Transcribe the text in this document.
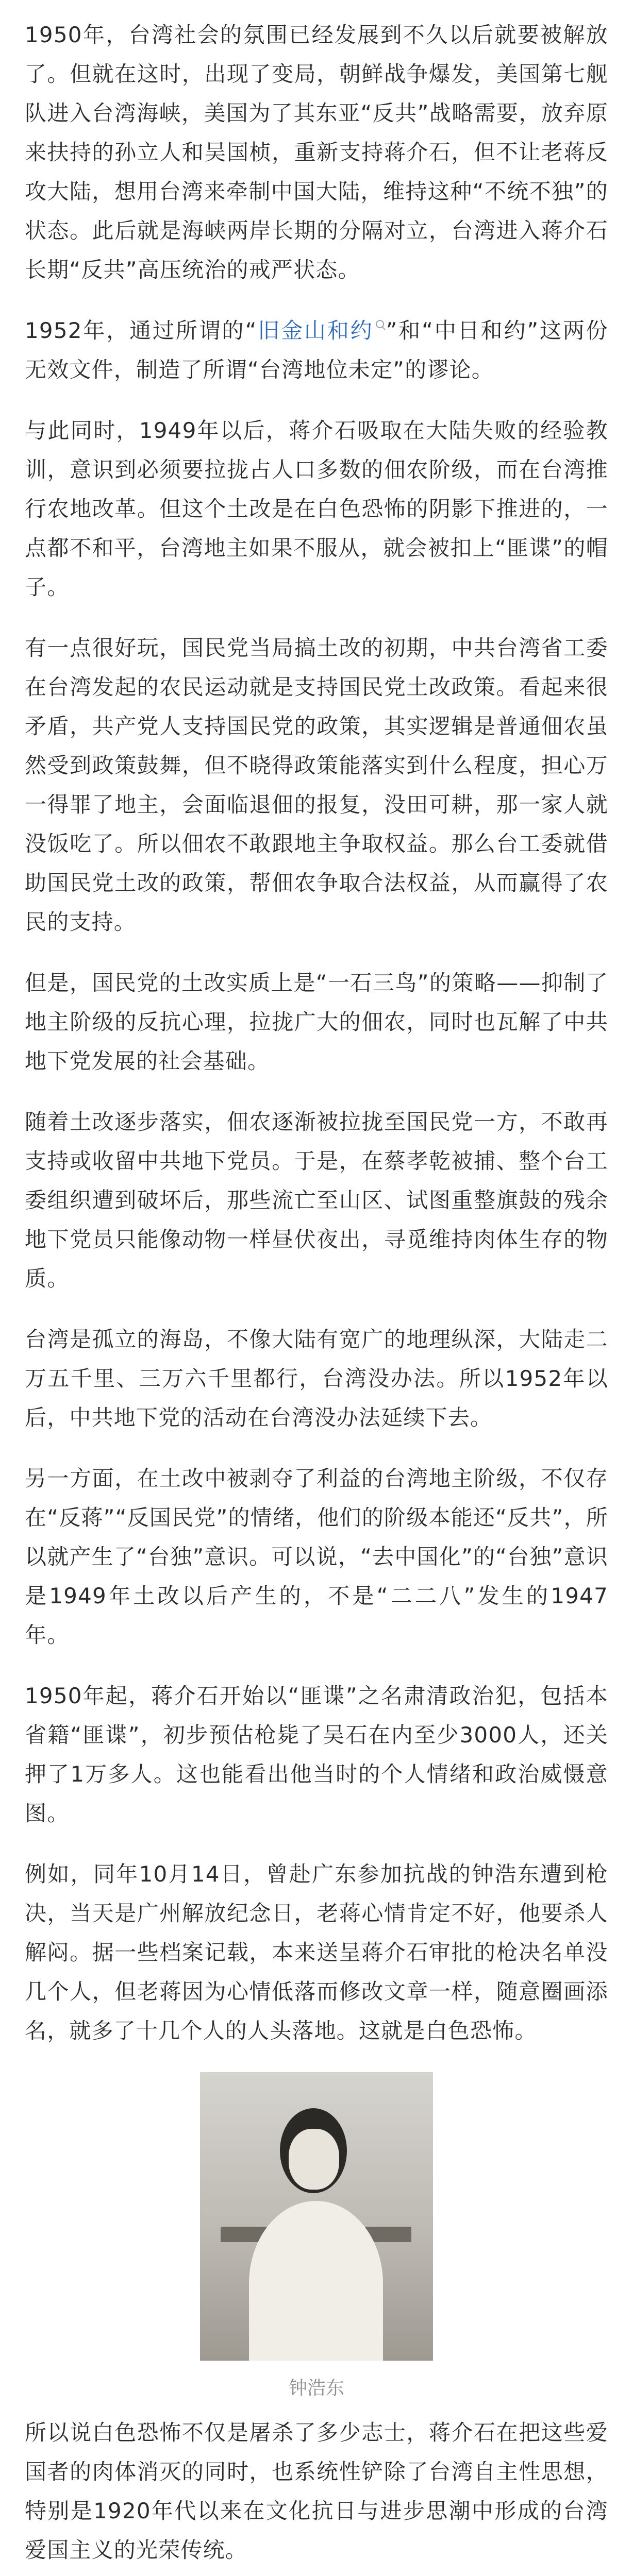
1950年，台湾社会的氛围已经发展到不久以后就要被解放了。但就在这时，出现了变局，朝鲜战争爆发，美国第七舰队进入台湾海峡，美国为了其东亚“反共”战略需要，放弃原来扶持的孙立人和吴国桢，重新支持蒋介石，但不让老蒋反攻大陆，想用台湾来牵制中国大陆，维持这种“不统不独”的状态。此后就是海峡两岸长期的分隔对立，台湾进入蒋介石长期“反共”高压统治的戒严状态。

1952年，通过所谓的“旧金山和约 ”和“中日和约”这两份无效文件，制造了所谓“台湾地位未定”的谬论。

与此同时，1949年以后，蒋介石吸取在大陆失败的经验教训，意识到必须要拉拢占人口多数的佃农阶级，而在台湾推行农地改革。但这个土改是在白色恐怖的阴影下推进的，一点都不和平，台湾地主如果不服从，就会被扣上“匪谍”的帽子。

有一点很好玩，国民党当局搞土改的初期，中共台湾省工委在台湾发起的农民运动就是支持国民党土改政策。看起来很矛盾，共产党人支持国民党的政策，其实逻辑是普通佃农虽然受到政策鼓舞，但不晓得政策能落实到什么程度，担心万一得罪了地主，会面临退佃的报复，没田可耕，那一家人就没饭吃了。所以佃农不敢跟地主争取权益。那么台工委就借助国民党土改的政策，帮佃农争取合法权益，从而赢得了农民的支持。

但是，国民党的土改实质上是“一石三鸟”的策略——抑制了地主阶级的反抗心理，拉拢广大的佃农，同时也瓦解了中共地下党发展的社会基础。

随着土改逐步落实，佃农逐渐被拉拢至国民党一方，不敢再支持或收留中共地下党员。于是，在蔡孝乾被捕、整个台工委组织遭到破坏后，那些流亡至山区、试图重整旗鼓的残余地下党员只能像动物一样昼伏夜出，寻觅维持肉体生存的物质。

台湾是孤立的海岛，不像大陆有宽广的地理纵深，大陆走二万五千里、三万六千里都行，台湾没办法。所以1952年以后，中共地下党的活动在台湾没办法延续下去。

另一方面，在土改中被剥夺了利益的台湾地主阶级，不仅存在“反蒋”“反国民党”的情绪，他们的阶级本能还“反共”，所以就产生了“台独”意识。可以说，“去中国化”的“台独”意识是1949年土改以后产生的，不是“二二八”发生的1947年。

1950年起，蒋介石开始以“匪谍”之名肃清政治犯，包括本省籍“匪谍”，初步预估枪毙了吴石在内至少3000人，还关押了1万多人。这也能看出他当时的个人情绪和政治威慑意图。

例如，同年10月14日，曾赴广东参加抗战的钟浩东遭到枪决，当天是广州解放纪念日，老蒋心情肯定不好，他要杀人解闷。据一些档案记载，本来送呈蒋介石审批的枪决名单没几个人，但老蒋因为心情低落而修改文章一样，随意圈画添名，就多了十几个人的人头落地。这就是白色恐怖。

钟浩东

所以说白色恐怖不仅是屠杀了多少志士，蒋介石在把这些爱国者的肉体消灭的同时，也系统性铲除了台湾自主性思想，特别是1920年代以来在文化抗日与进步思潮中形成的台湾爱国主义的光荣传统。
